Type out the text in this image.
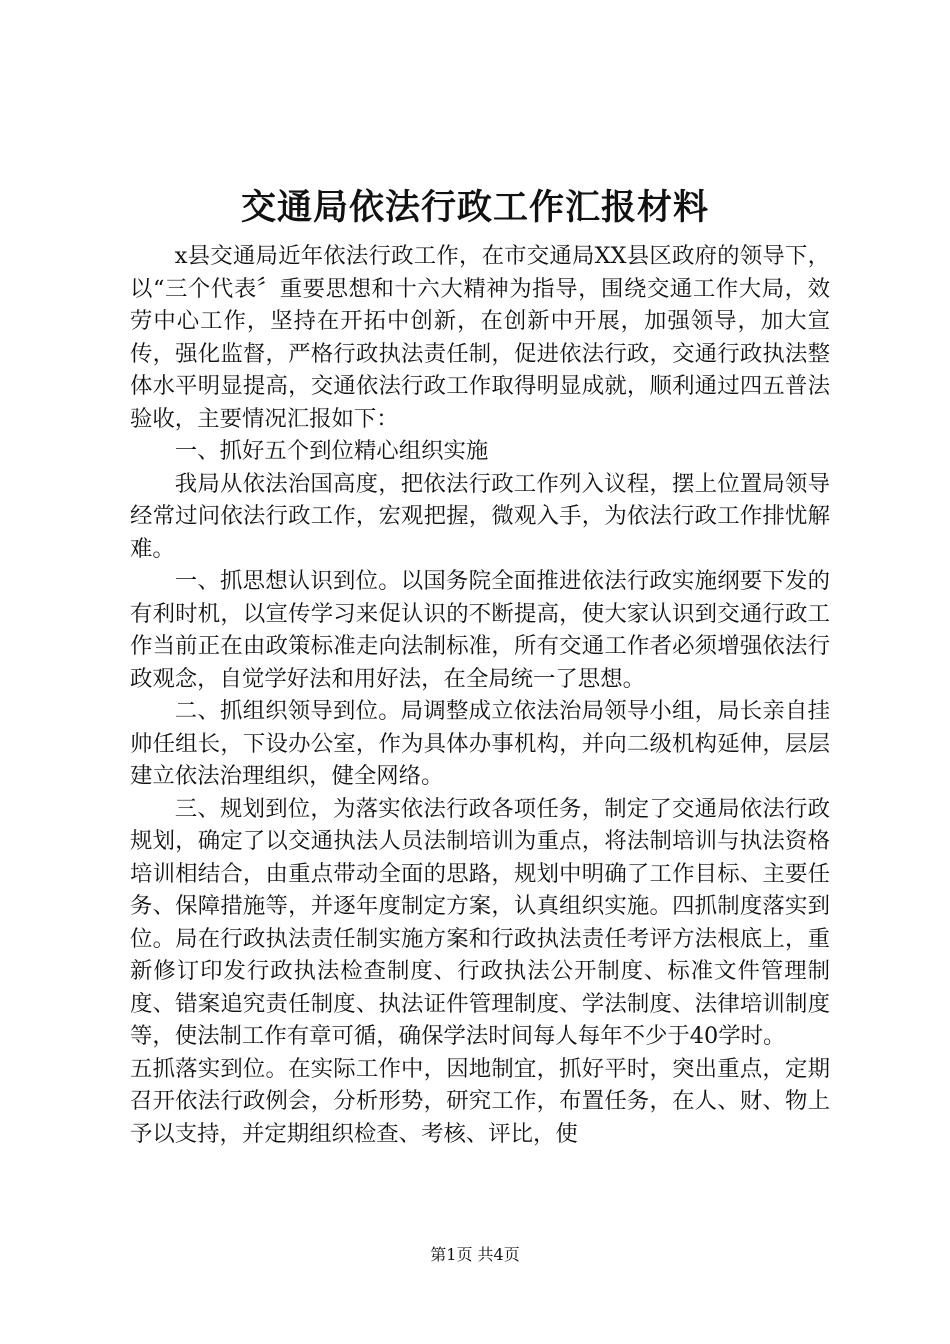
交通局依法行政工作汇报材料

x县交通局近年依法行政工作，在市交通局XX县区政府的领导下，以“三个代表〞重要思想和十六大精神为指导，围绕交通工作大局，效劳中心工作，坚持在开拓中创新，在创新中开展，加强领导，加大宣传，强化监督，严格行政执法责任制，促进依法行政，交通行政执法整体水平明显提高，交通依法行政工作取得明显成就，顺利通过四五普法验收，主要情况汇报如下：

一、抓好五个到位精心组织实施

我局从依法治国高度，把依法行政工作列入议程，摆上位置局领导经常过问依法行政工作，宏观把握，微观入手，为依法行政工作排忧解难。

一、抓思想认识到位。以国务院全面推进依法行政实施纲要下发的有利时机，以宣传学习来促认识的不断提高，使大家认识到交通行政工作当前正在由政策标准走向法制标准，所有交通工作者必须增强依法行政观念，自觉学好法和用好法，在全局统一了思想。

二、抓组织领导到位。局调整成立依法治局领导小组，局长亲自挂帅任组长，下设办公室，作为具体办事机构，并向二级机构延伸，层层建立依法治理组织，健全网络。

三、规划到位，为落实依法行政各项任务，制定了交通局依法行政规划，确定了以交通执法人员法制培训为重点，将法制培训与执法资格培训相结合，由重点带动全面的思路，规划中明确了工作目标、主要任务、保障措施等，并逐年度制定方案，认真组织实施。四抓制度落实到位。局在行政执法责任制实施方案和行政执法责任考评方法根底上，重新修订印发行政执法检查制度、行政执法公开制度、标准文件管理制度、错案追究责任制度、执法证件管理制度、学法制度、法律培训制度等，使法制工作有章可循，确保学法时间每人每年不少于40学时。

五抓落实到位。在实际工作中，因地制宜，抓好平时，突出重点，定期召开依法行政例会，分析形势，研究工作，布置任务，在人、财、物上予以支持，并定期组织检查、考核、评比，使

第1页 共4页
